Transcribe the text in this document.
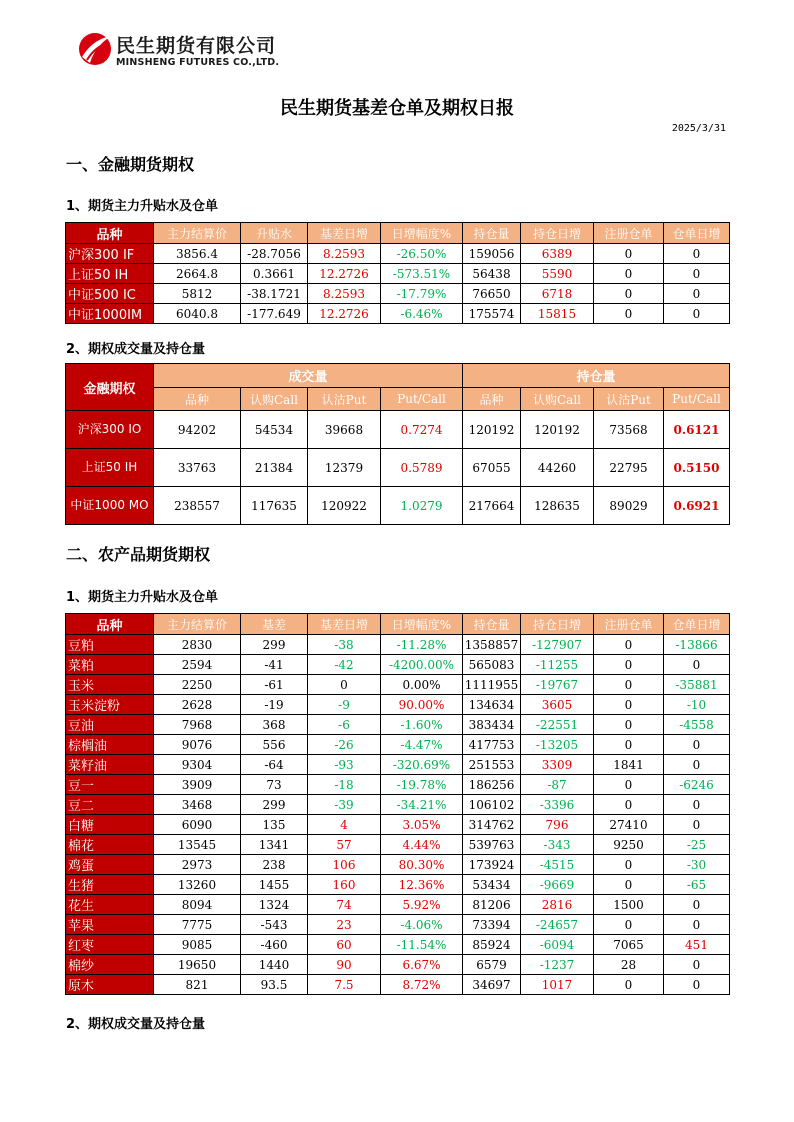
民生期货有限公司
MINSHENG FUTURES CO.,LTD.
民生期货基差仓单及期权日报
2025/3/31
一、金融期货期权
1、期货主力升贴水及仓单
品种	主力结算价	升贴水	基差日增	日增幅度%	持仓量	持仓日增	注册仓单	仓单日增
沪深300 IF	3856.4	-28.7056	8.2593	-26.50%	159056	6389	0	0
上证50 IH	2664.8	0.3661	12.2726	-573.51%	56438	5590	0	0
中证500 IC	5812	-38.1721	8.2593	-17.79%	76650	6718	0	0
中证1000IM	6040.8	-177.649	12.2726	-6.46%	175574	15815	0	0
2、期权成交量及持仓量
金融期权	成交量				持仓量			
	品种	认购Call	认沽Put	Put/Call	品种	认购Call	认沽Put	Put/Call
沪深300 IO	94202	54534	39668	0.7274	120192	120192	73568	0.6121
上证50 IH	33763	21384	12379	0.5789	67055	44260	22795	0.5150
中证1000 MO	238557	117635	120922	1.0279	217664	128635	89029	0.6921
二、农产品期货期权
1、期货主力升贴水及仓单
品种	主力结算价	基差	基差日增	日增幅度%	持仓量	持仓日增	注册仓单	仓单日增
豆粕	2830	299	-38	-11.28%	1358857	-127907	0	-13866
菜粕	2594	-41	-42	-4200.00%	565083	-11255	0	0
玉米	2250	-61	0	0.00%	1111955	-19767	0	-35881
玉米淀粉	2628	-19	-9	90.00%	134634	3605	0	-10
豆油	7968	368	-6	-1.60%	383434	-22551	0	-4558
棕榈油	9076	556	-26	-4.47%	417753	-13205	0	0
菜籽油	9304	-64	-93	-320.69%	251553	3309	1841	0
豆一	3909	73	-18	-19.78%	186256	-87	0	-6246
豆二	3468	299	-39	-34.21%	106102	-3396	0	0
白糖	6090	135	4	3.05%	314762	796	27410	0
棉花	13545	1341	57	4.44%	539763	-343	9250	-25
鸡蛋	2973	238	106	80.30%	173924	-4515	0	-30
生猪	13260	1455	160	12.36%	53434	-9669	0	-65
花生	8094	1324	74	5.92%	81206	2816	1500	0
苹果	7775	-543	23	-4.06%	73394	-24657	0	0
红枣	9085	-460	60	-11.54%	85924	-6094	7065	451
棉纱	19650	1440	90	6.67%	6579	-1237	28	0
原木	821	93.5	7.5	8.72%	34697	1017	0	0
2、期权成交量及持仓量
